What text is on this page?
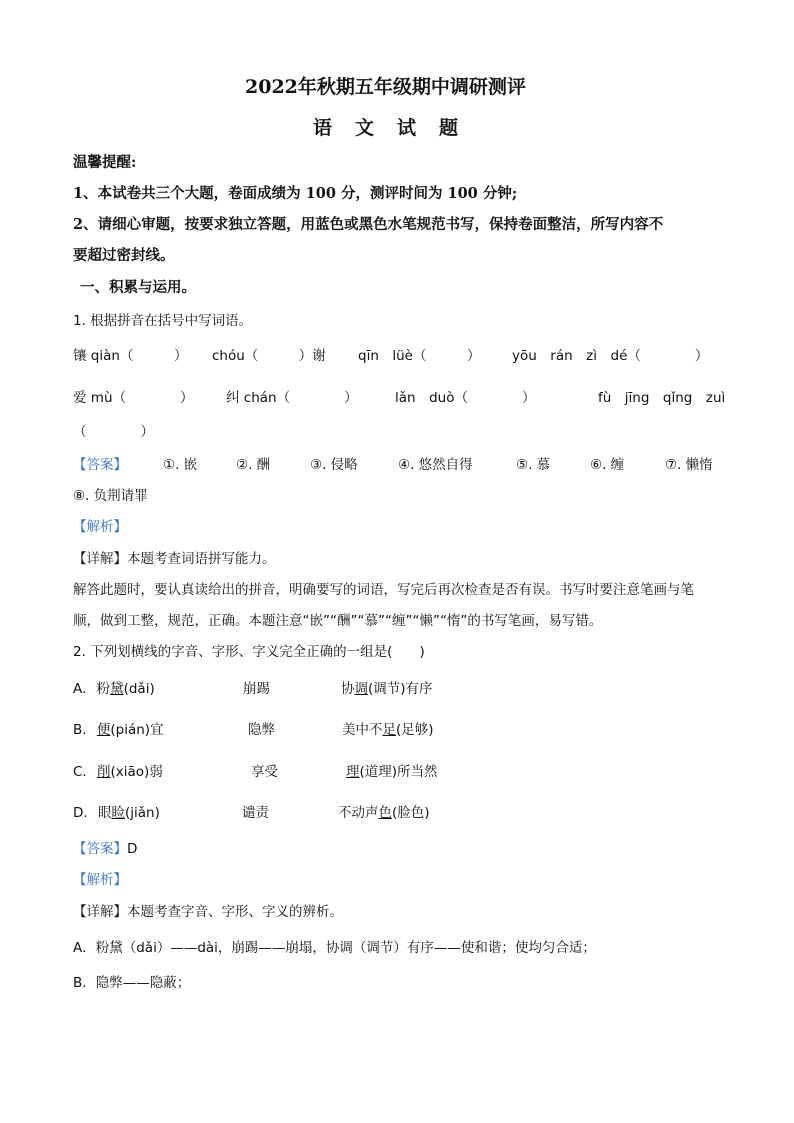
2022年秋期五年级期中调研测评
语　文　试　题
温馨提醒:
1、本试卷共三个大题，卷面成绩为 100 分，测评时间为 100 分钟;
2、请细心审题，按要求独立答题，用蓝色或黑色水笔规范书写，保持卷面整洁，所写内容不
要超过密封线。
一、积累与运用。
1. 根据拼音在括号中写词语。
镶 qiàn（　　　） chóu（　　　）谢 qīn　lüè（　　　） yōu　rán　zì　dé（　　　　）
爱 mù（　　　　） 纠 chán（　　　　）	lǎn　duò（　　　　）	fù　jīng　qǐng　zuì
（　　　　）
【答案】	①. 嵌	②. 酬	③. 侵略	④. 悠然自得	⑤. 慕	⑥. 缠	⑦. 懒惰
⑧. 负荆请罪
【解析】
【详解】本题考查词语拼写能力。
解答此题时，要认真读给出的拼音，明确要写的词语，写完后再次检查是否有误。书写时要注意笔画与笔
顺，做到工整，规范，正确。本题注意“嵌”“酬”“慕”“缠”“懒”“惰”的书写笔画，易写错。
2. 下列划横线的字音、字形、字义完全正确的一组是(　　)
A. 粉黛(dǎi)	崩踢	协调(调节)有序
B. 便(pián)宜	隐弊	美中不足(足够)
C. 削(xiāo)弱	享受	理(道理)所当然
D. 眼睑(jiǎn)	谴责	不动声色(脸色)
【答案】D
【解析】
【详解】本题考查字音、字形、字义的辨析。
A．粉黛（dǎi）——dài，崩踢——崩塌，协调（调节）有序——使和谐；使均匀合适；
B．隐弊——隐蔽；
